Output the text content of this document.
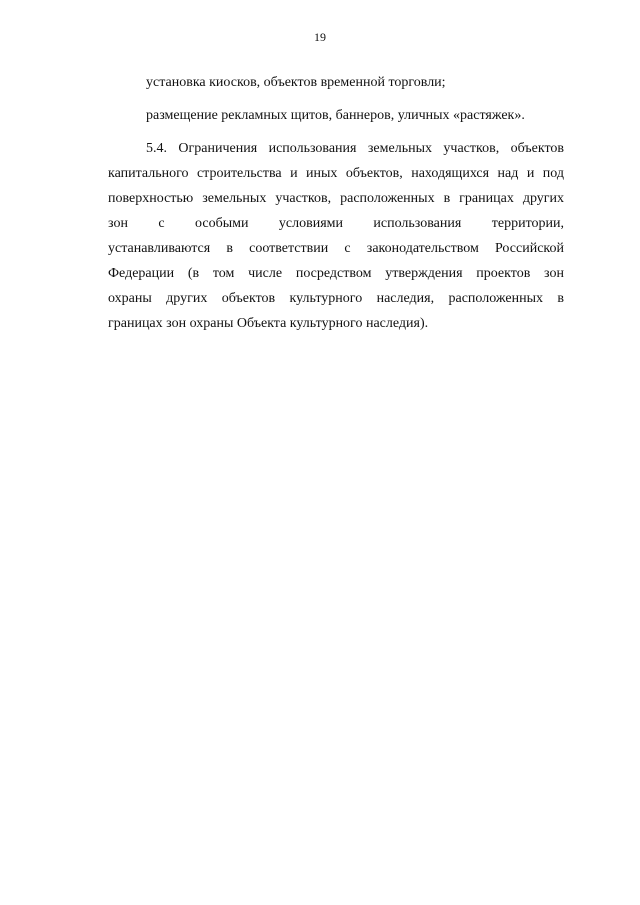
19
установка киосков, объектов временной торговли;
размещение рекламных щитов, баннеров, уличных «растяжек».
5.4. Ограничения использования земельных участков, объектов
капитального строительства и иных объектов, находящихся над и под
поверхностью земельных участков, расположенных в границах других
зон с особыми условиями использования территории,
устанавливаются в соответствии с законодательством Российской
Федерации (в том числе посредством утверждения проектов зон
охраны других объектов культурного наследия, расположенных в
границах зон охраны Объекта культурного наследия).
